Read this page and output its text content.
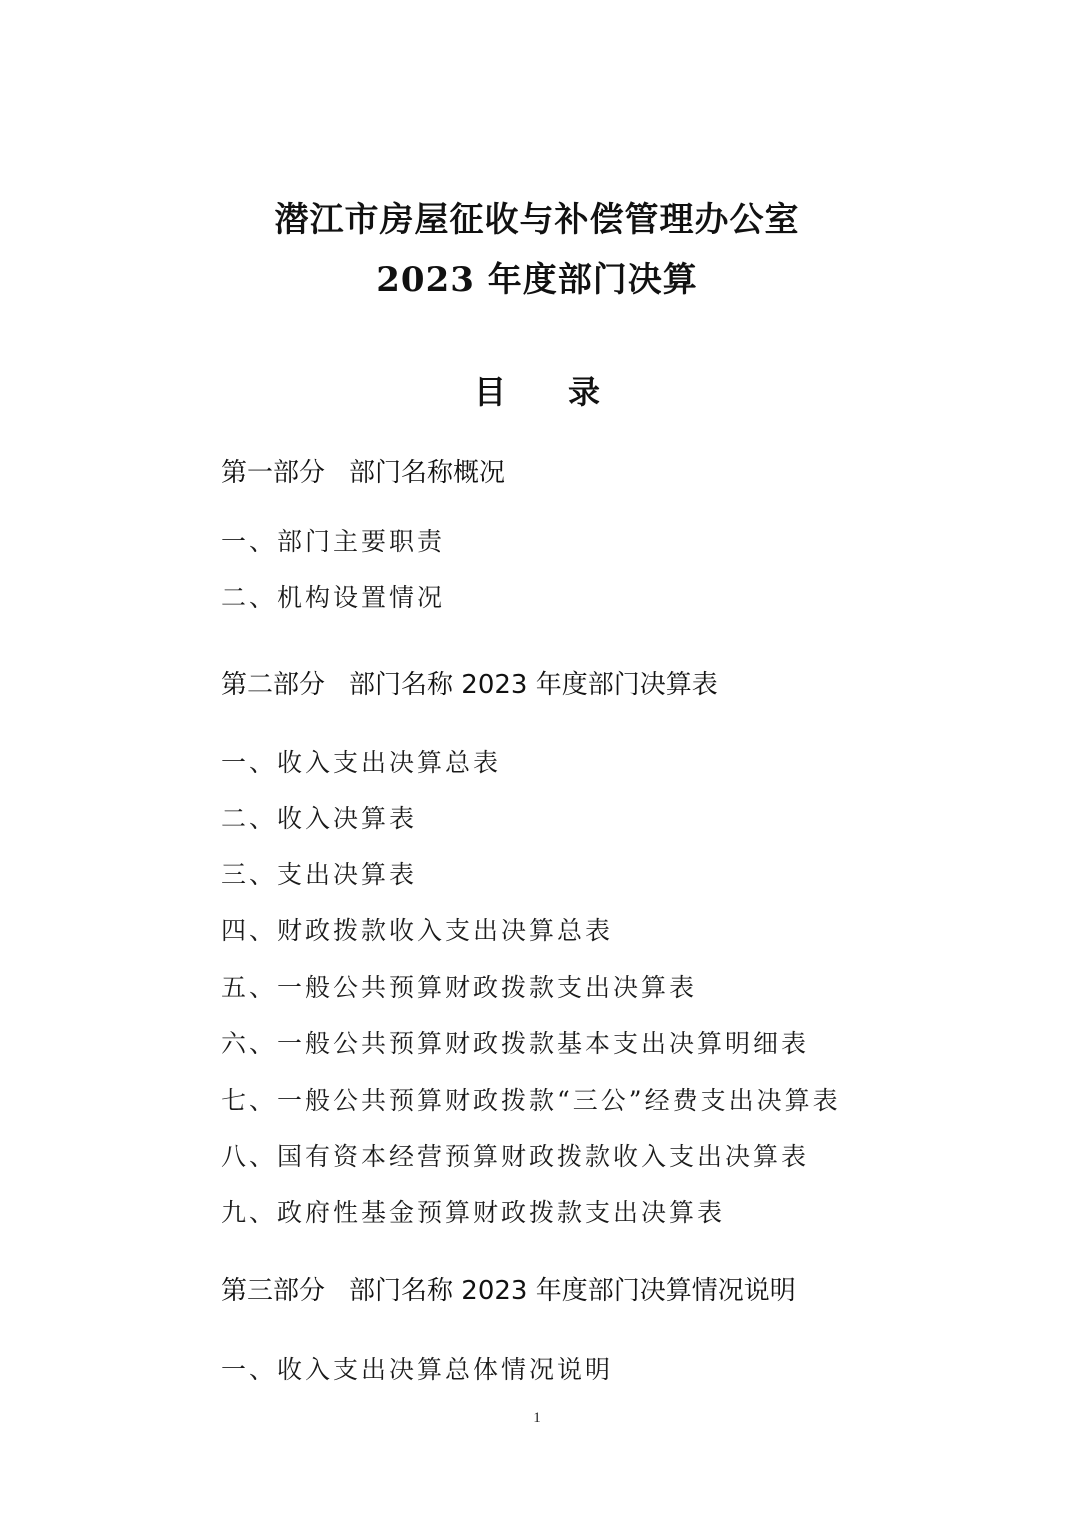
潜江市房屋征收与补偿管理办公室
2023 年度部门决算
目 录
第一部分 部门名称概况
一、部门主要职责
二、机构设置情况
第二部分 部门名称 2023 年度部门决算表
一、收入支出决算总表
二、收入决算表
三、支出决算表
四、财政拨款收入支出决算总表
五、一般公共预算财政拨款支出决算表
六、一般公共预算财政拨款基本支出决算明细表
七、一般公共预算财政拨款“三公”经费支出决算表
八、国有资本经营预算财政拨款收入支出决算表
九、政府性基金预算财政拨款支出决算表
第三部分 部门名称 2023 年度部门决算情况说明
一、收入支出决算总体情况说明
1
